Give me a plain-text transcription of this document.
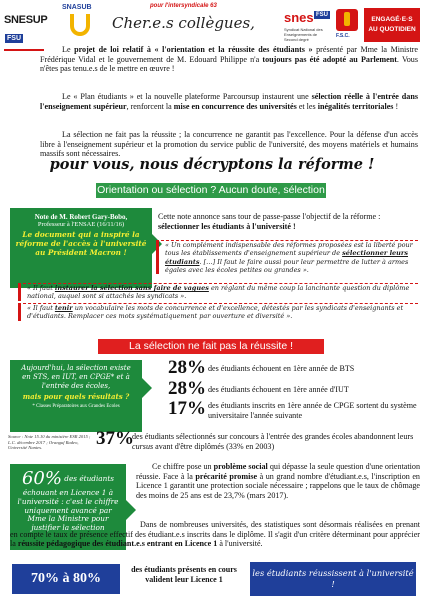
SNESUPFSU
SNASUB	pour l'intersyndicale 63
Cher.e.s collègues, snes FSU
Syndicat National des Enseignements de Second degré
F.S.C.
ENGAGÉ·E·S
AU QUOTIDIEN
Le projet de loi relatif à « l'orientation et la réussite des étudiants » présenté par Mme la Ministre Frédérique Vidal et le gouvernement de M. Edouard Philippe n'a toujours pas été adopté au Parlement. Vous n'êtes pas tenu.e.s de le mettre en œuvre !
Le « Plan étudiants » et la nouvelle plateforme Parcoursup instaurent une sélection réelle à l'entrée dans l'enseignement supérieur, renforcent la mise en concurrence des universités et les inégalités territoriales !
La sélection ne fait pas la réussite ; la concurrence ne garantit pas l'excellence. Pour la défense d'un accès libre à l'enseignement supérieur et la promotion du service public de l'université, des moyens matériels et humains massifs sont nécessaires.
pour vous, nous décryptons la réforme !
Orientation ou sélection ? Aucun doute, sélection !
Note de M. Robert Gary-Bobo,
Professeur à l'ENSAE (16/11/16)
Le document qui a inspiré la réforme de l'accès à l'université au Président Macron !
Cette note annonce sans tour de passe-passe l'objectif de la réforme : sélectionner les étudiants à l'université !
« Un complément indispensable des réformes proposées est la liberté pour tous les établissements d'enseignement supérieur de sélectionner leurs étudiants. […] Il faut le faire aussi pour leur permettre de lutter à armes égales avec les écoles petites ou grandes ».
« Il faut instaurer la sélection sans faire de vagues en réglant du même coup la lancinante question du diplôme national, auquel sont si attachés les syndicats ».
« Il faut tenir un vocabulaire les mots de concurrence et d'excellence, détestés par les syndicats d'enseignants et d'étudiants. Remplacer ces mots systématiquement par ouverture et diversité ».
La sélection ne fait pas la réussite !
Aujourd'hui, la sélection existe en STS, en IUT, en CPGE* et à l'entrée des écoles,
mais pour quels résultats ?
* Classes Préparatoires aux Grandes Ecoles
28% des étudiants échouent en 1ère année de BTS
28% des étudiants échouent en 1ère année d'IUT
17% des étudiants inscrits en 1ère année de CPGE sortent du système universitaire l'année suivante
Source : Note 15.10 du ministère ESR 2015 ; L.C. décembre 2017 ; Oranguf Radeo, Université Nantes.	37%
des étudiants sélectionnés sur concours à l'entrée des grandes écoles abandonnent leurs cursus avant d'être diplômés (33% en 2003)
60% des étudiants échouant en Licence 1 à l'université : c'est le chiffre uniquement avancé par Mme la Ministre pour justifier la sélection
Ce chiffre pose un problème social qui dépasse la seule question d'une orientation réussie. Face à la précarité promise à un grand nombre d'étudiant.e.s, l'inscription en Licence 1 garantit une protection sociale nécessaire ; rappelons que le taux de chômage des moins de 25 ans est de 23,7% (mars 2017).
Dans de nombreuses universités, des statistiques sont désormais réalisées en prenant en compte le taux de présence effectif des étudiant.e.s inscrits dans le diplôme. Il s'agit d'un critère déterminant pour apprécier la réussite pédagogique des étudiant.e.s entrant en Licence 1 à l'université.
70% à 80%
des étudiants présents en cours valident leur Licence 1
les étudiants réussissent à l'université !
